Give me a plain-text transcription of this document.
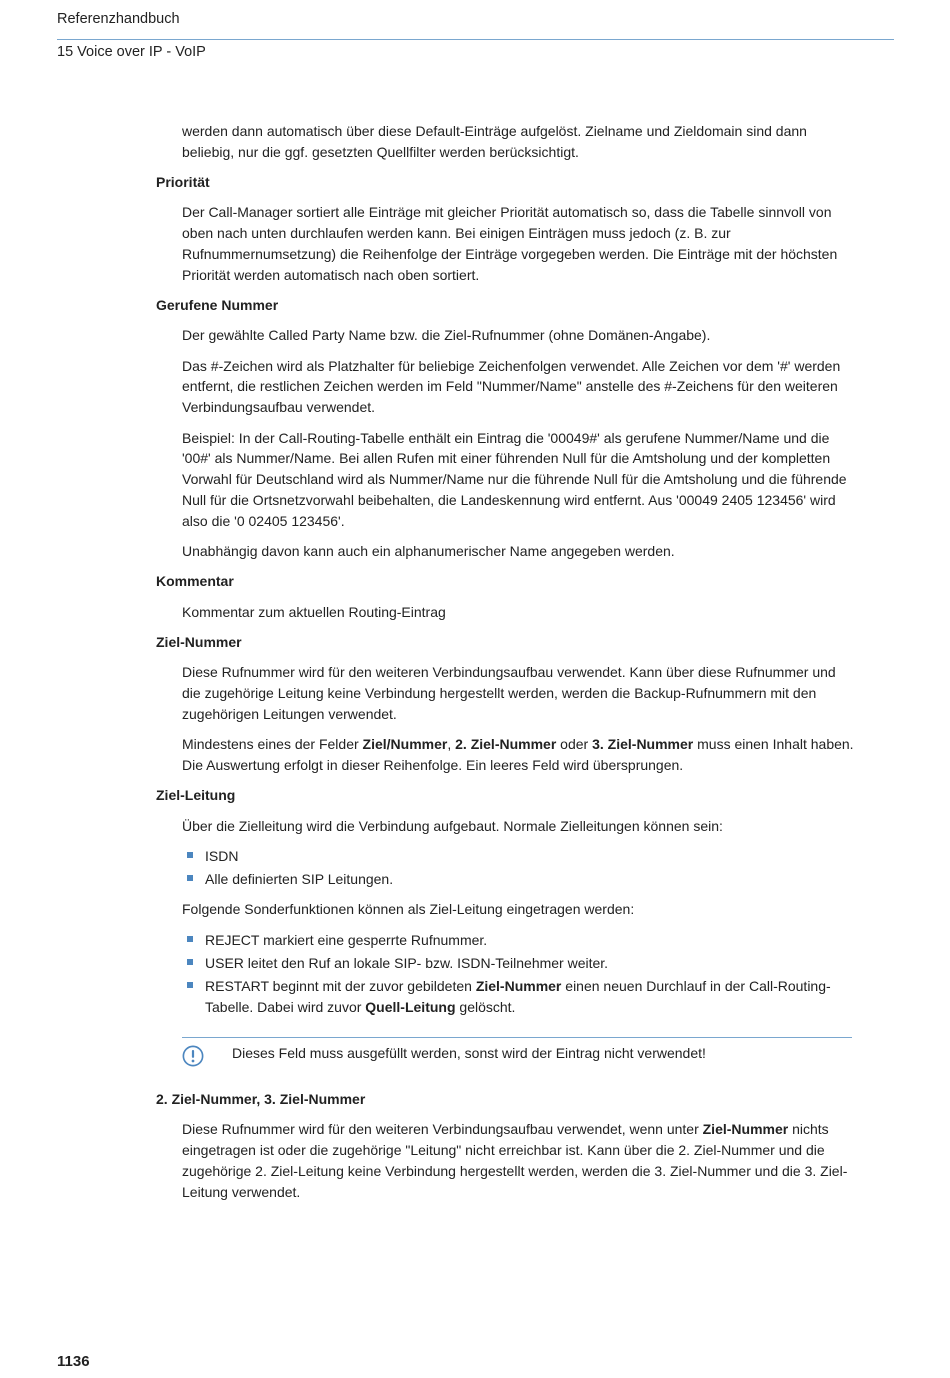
Referenzhandbuch
15 Voice over IP - VoIP

werden dann automatisch über diese Default-Einträge aufgelöst. Zielname und Zieldomain sind dann beliebig, nur die ggf. gesetzten Quellfilter werden berücksichtigt.

Priorität

Der Call-Manager sortiert alle Einträge mit gleicher Priorität automatisch so, dass die Tabelle sinnvoll von oben nach unten durchlaufen werden kann. Bei einigen Einträgen muss jedoch (z. B. zur Rufnummernumsetzung) die Reihenfolge der Einträge vorgegeben werden. Die Einträge mit der höchsten Priorität werden automatisch nach oben sortiert.

Gerufene Nummer

Der gewählte Called Party Name bzw. die Ziel-Rufnummer (ohne Domänen-Angabe).

Das #-Zeichen wird als Platzhalter für beliebige Zeichenfolgen verwendet. Alle Zeichen vor dem '#' werden entfernt, die restlichen Zeichen werden im Feld "Nummer/Name" anstelle des #-Zeichens für den weiteren Verbindungsaufbau verwendet.

Beispiel: In der Call-Routing-Tabelle enthält ein Eintrag die '00049#' als gerufene Nummer/Name und die '00#' als Nummer/Name. Bei allen Rufen mit einer führenden Null für die Amtsholung und der kompletten Vorwahl für Deutschland wird als Nummer/Name nur die führende Null für die Amtsholung und die führende Null für die Ortsnetzvorwahl beibehalten, die Landeskennung wird entfernt. Aus '00049 2405 123456' wird also die '0 02405 123456'.

Unabhängig davon kann auch ein alphanumerischer Name angegeben werden.

Kommentar

Kommentar zum aktuellen Routing-Eintrag

Ziel-Nummer

Diese Rufnummer wird für den weiteren Verbindungsaufbau verwendet. Kann über diese Rufnummer und die zugehörige Leitung keine Verbindung hergestellt werden, werden die Backup-Rufnummern mit den zugehörigen Leitungen verwendet.

Mindestens eines der Felder Ziel/Nummer, 2. Ziel-Nummer oder 3. Ziel-Nummer muss einen Inhalt haben. Die Auswertung erfolgt in dieser Reihenfolge. Ein leeres Feld wird übersprungen.

Ziel-Leitung

Über die Zielleitung wird die Verbindung aufgebaut. Normale Zielleitungen können sein:

ISDN
Alle definierten SIP Leitungen.

Folgende Sonderfunktionen können als Ziel-Leitung eingetragen werden:

REJECT markiert eine gesperrte Rufnummer.
USER leitet den Ruf an lokale SIP- bzw. ISDN-Teilnehmer weiter.
RESTART beginnt mit der zuvor gebildeten Ziel-Nummer einen neuen Durchlauf in der Call-Routing-Tabelle. Dabei wird zuvor Quell-Leitung gelöscht.
Dieses Feld muss ausgefüllt werden, sonst wird der Eintrag nicht verwendet!

2. Ziel-Nummer, 3. Ziel-Nummer

Diese Rufnummer wird für den weiteren Verbindungsaufbau verwendet, wenn unter Ziel-Nummer nichts eingetragen ist oder die zugehörige "Leitung" nicht erreichbar ist. Kann über die 2. Ziel-Nummer und die zugehörige 2. Ziel-Leitung keine Verbindung hergestellt werden, werden die 3. Ziel-Nummer und die 3. Ziel-Leitung verwendet.

1136
